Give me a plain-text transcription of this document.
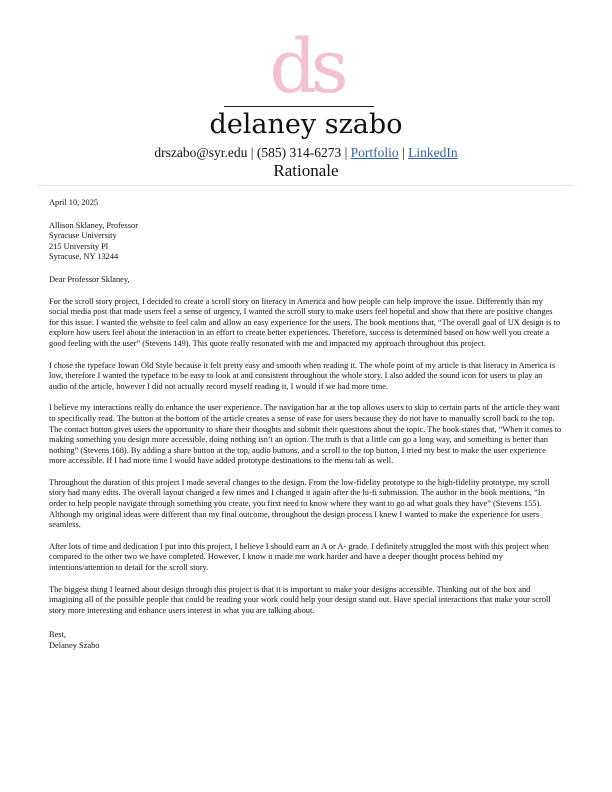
ds
delaney szabo
drszabo@syr.edu | (585) 314-6273 | Portfolio | LinkedIn
Rationale

April 10, 2025

Allison Sklaney, Professor

Syracuse University

215 University Pl

Syracuse, NY 13244

Dear Professor Sklaney,

For the scroll story project, I decided to create a scroll story on literacy in America and how people can help improve the issue. Differently than my social media post that made users feel a sense of urgency, I wanted the scroll story to make users feel hopeful and show that there are positive changes for this issue. I wanted the website to feel calm and allow an easy experience for the users. The book mentions that, “The overall goal of UX design is to explore how users feel about the interaction in an effort to create better experiences. Therefore, success is determined based on how well you create a good feeling with the user” (Stevens 149). This quote really resonated with me and impacted my approach throughout this project.

I chose the typeface Iowan Old Style because it felt pretty easy and smooth when reading it. The whole point of my article is that literacy in America is low, therefore I wanted the typeface to be easy to look at and consistent throughout the whole story. I also added the sound icon for users to play an audio of the article, however I did not actually record myself reading it, I would if we had more time.

I believe my interactions really do enhance the user experience. The navigation bar at the top allows users to skip to certain parts of the article they want to specifically read. The button at the bottom of the article creates a sense of ease for users because they do not have to manually scroll back to the top. The contact button gives users the opportunity to share their thoughts and submit their questions about the topic. The book states that, “When it comes to making something you design more accessible, doing nothing isn’t an option. The truth is that a little can go a long way, and something is better than nothing” (Stevens 168). By adding a share button at the top, audio buttons, and a scroll to the top button, I tried my best to make the user experience more accessible. If I had more time I would have added prototype destinations to the menu tab as well.

Throughout the duration of this project I made several changes to the design. From the low-fidelity prototype to the high-fidelity prototype, my scroll story had many edits. The overall layout changed a few times and I changed it again after the hi-fi submission. The author in the book mentions, “In order to help people navigate through something you create, you first need to know where they want to go ad what goals they have” (Stevens 155). Although my original ideas were different than my final outcome, throughout the design process I knew I wanted to make the experience for users seamless.

After lots of time and dedication I put into this project, I believe I should earn an A or A- grade. I definitely struggled the most with this project when compared to the other two we have completed. However, I know it made me work harder and have a deeper thought process behind my intentions/attention to detail for the scroll story.

The biggest thing I learned about design through this project is that it is important to make your designs accessible. Thinking out of the box and imagining all of the possible people that could be reading your work could help your design stand out. Have special interactions that make your scroll story more interesting and enhance users interest in what you are talking about.

Best,

Delaney Szabo
